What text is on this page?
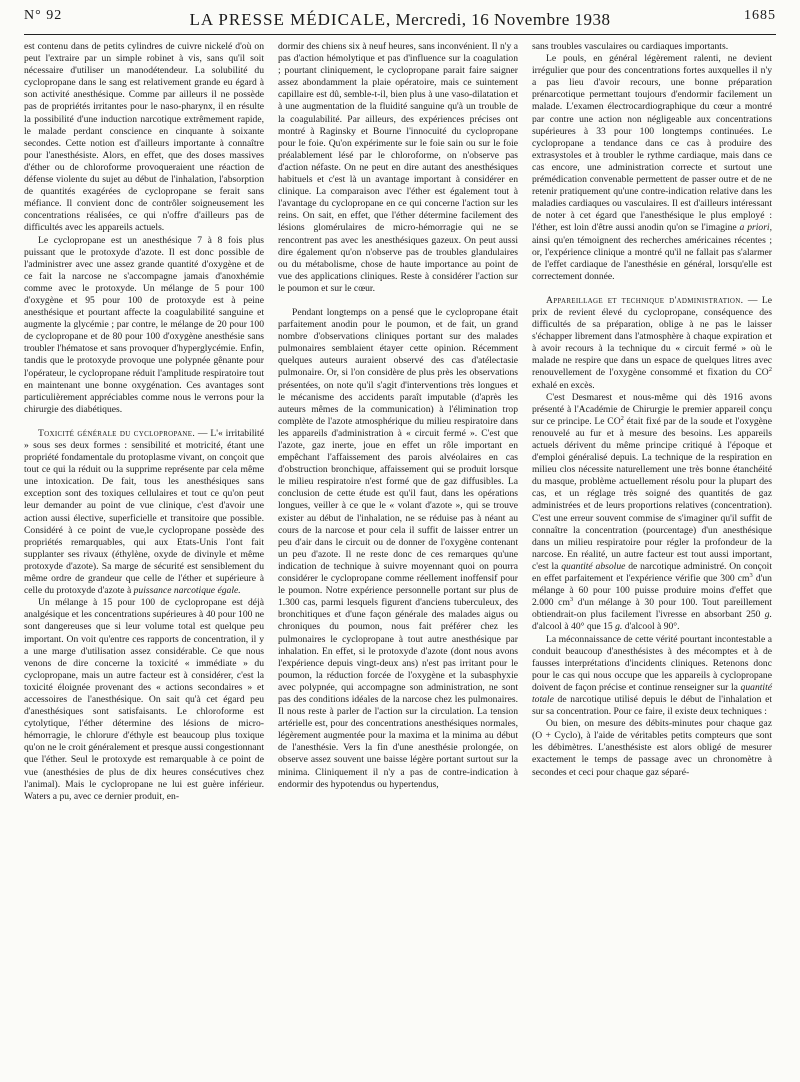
N° 92	LA PRESSE MÉDICALE, Mercredi, 16 Novembre 1938	1685

est contenu dans de petits cylindres de cuivre nickelé d'où on peut l'extraire par un simple robinet à vis, sans qu'il soit nécessaire d'utiliser un manodétendeur. La solubilité du cyclopropane dans le sang est relativement grande eu égard à son activité anesthésique. Comme par ailleurs il ne possède pas de propriétés irritantes pour le naso-pharynx, il en résulte la possibilité d'une induction narcotique extrêmement rapide, le malade perdant conscience en cinquante à soixante secondes. Cette notion est d'ailleurs importante à connaître pour l'anesthésiste. Alors, en effet, que des doses massives d'éther ou de chloroforme provoqueraient une réaction de défense violente du sujet au début de l'inhalation, l'absorption de quantités exagérées de cyclopropane se ferait sans méfiance. Il convient donc de contrôler soigneusement les concentrations réalisées, ce qui n'offre d'ailleurs pas de difficultés avec les appareils actuels.

Le cyclopropane est un anesthésique 7 à 8 fois plus puissant que le protoxyde d'azote. Il est donc possible de l'administrer avec une assez grande quantité d'oxygène et de ce fait la narcose ne s'accompagne jamais d'anoxhémie comme avec le protoxyde. Un mélange de 5 pour 100 d'oxygène et 95 pour 100 de protoxyde est à peine anesthésique et pourtant affecte la coagulabilité sanguine et augmente la glycémie ; par contre, le mélange de 20 pour 100 de cyclopropane et de 80 pour 100 d'oxygène anesthésie sans troubler l'hématose et sans provoquer d'hyperglycémie. Enfin, tandis que le protoxyde provoque une polypnée gênante pour l'opérateur, le cyclopropane réduit l'amplitude respiratoire tout en maintenant une bonne oxygénation. Ces avantages sont particulièrement appréciables comme nous le verrons pour la chirurgie des diabétiques.

Toxicité générale du cyclopropane. — L'« irritabilité » sous ses deux formes : sensibilité et motricité, étant une propriété fondamentale du protoplasme vivant, on conçoit que tout ce qui la réduit ou la supprime représente par cela même une intoxication. De fait, tous les anesthésiques sans exception sont des toxiques cellulaires et tout ce qu'on peut leur demander au point de vue clinique, c'est d'avoir une action aussi élective, superficielle et transitoire que possible. Considéré à ce point de vue,le cyclopropane possède des propriétés remarquables, qui aux Etats-Unis l'ont fait supplanter ses rivaux (éthylène, oxyde de divinyle et même protoxyde d'azote). Sa marge de sécurité est sensiblement du même ordre de grandeur que celle de l'éther et supérieure à celle du protoxyde d'azote à puissance narcotique égale.

Un mélange à 15 pour 100 de cyclopropane est déjà analgésique et les concentrations supérieures à 40 pour 100 ne sont dangereuses que si leur volume total est quelque peu important. On voit qu'entre ces rapports de concentration, il y a une marge d'utilisation assez considérable. Ce que nous venons de dire concerne la toxicité « immédiate » du cyclopropane, mais un autre facteur est à considérer, c'est la toxicité éloignée provenant des « actions secondaires » et accessoires de l'anesthésique. On sait qu'à cet égard peu d'anesthésiques sont satisfaisants. Le chloroforme est cytolytique, l'éther détermine des lésions de micro-hémorragie, le chlorure d'éthyle est beaucoup plus toxique qu'on ne le croit généralement et presque aussi congestionnant que l'éther. Seul le protoxyde est remarquable à ce point de vue (anesthésies de plus de dix heures consécutives chez l'animal). Mais le cyclopropane ne lui est guère inférieur. Waters a pu, avec ce dernier produit, en-

dormir des chiens six à neuf heures, sans inconvénient. Il n'y a pas d'action hémolytique et pas d'influence sur la coagulation ; pourtant cliniquement, le cyclopropane parait faire saigner assez abondamment la plaie opératoire, mais ce suintement capillaire est dû, semble-t-il, bien plus à une vaso-dilatation et à une augmentation de la fluidité sanguine qu'à un trouble de la coagulabilité. Par ailleurs, des expériences précises ont montré à Raginsky et Bourne l'innocuité du cyclopropane pour le foie. Qu'on expérimente sur le foie sain ou sur le foie préalablement lésé par le chloroforme, on n'observe pas d'action néfaste. On ne peut en dire autant des anesthésiques habituels et c'est là un avantage important à considérer en clinique. La comparaison avec l'éther est également tout à l'avantage du cyclopropane en ce qui concerne l'action sur les reins. On sait, en effet, que l'éther détermine facilement des lésions glomérulaires de micro-hémorragie qui ne se rencontrent pas avec les anesthésiques gazeux. On peut aussi dire également qu'on n'observe pas de troubles glandulaires ou du métabolisme, chose de haute importance au point de vue des applications cliniques. Reste à considérer l'action sur le poumon et sur le cœur.

Pendant longtemps on a pensé que le cyclopropane était parfaitement anodin pour le poumon, et de fait, un grand nombre d'observations cliniques portant sur des malades pulmonaires semblaient étayer cette opinion. Récemment quelques auteurs auraient observé des cas d'atélectasie pulmonaire. Or, si l'on considère de plus près les observations présentées, on note qu'il s'agit d'interventions très longues et le mécanisme des accidents paraît imputable (d'après les auteurs mêmes de la communication) à l'élimination trop complète de l'azote atmosphérique du milieu respiratoire dans les appareils d'administration à « circuit fermé ». C'est que l'azote, gaz inerte, joue en effet un rôle important en empêchant l'affaissement des parois alvéolaires en cas d'obstruction bronchique, affaissement qui se produit lorsque le milieu respiratoire n'est formé que de gaz diffusibles. La conclusion de cette étude est qu'il faut, dans les opérations longues, veiller à ce que le « volant d'azote », qui se trouve exister au début de l'inhalation, ne se réduise pas à néant au cours de la narcose et pour cela il suffit de laisser entrer un peu d'air dans le circuit ou de donner de l'oxygène contenant un peu d'azote. Il ne reste donc de ces remarques qu'une indication de technique à suivre moyennant quoi on pourra considérer le cyclopropane comme réellement inoffensif pour le poumon. Notre expérience personnelle portant sur plus de 1.300 cas, parmi lesquels figurent d'anciens tuberculeux, des bronchitiques et d'une façon générale des malades aigus ou chroniques du poumon, nous fait préférer chez les pulmonaires le cyclopropane à tout autre anesthésique par inhalation. En effet, si le protoxyde d'azote (dont nous avons l'expérience depuis vingt-deux ans) n'est pas irritant pour le poumon, la réduction forcée de l'oxygène et la subasphyxie avec polypnée, qui accompagne son administration, ne sont pas des conditions idéales de la narcose chez les pulmonaires. Il nous reste à parler de l'action sur la circulation. La tension artérielle est, pour des concentrations anesthésiques normales, légèrement augmentée pour la maxima et la minima au début de l'anesthésie. Vers la fin d'une anesthésie prolongée, on observe assez souvent une baisse légère portant surtout sur la minima. Cliniquement il n'y a pas de contre-indication à endormir des hypotendus ou hypertendus,

sans troubles vasculaires ou cardiaques importants.

Le pouls, en général légèrement ralenti, ne devient irrégulier que pour des concentrations fortes auxquelles il n'y a pas lieu d'avoir recours, une bonne préparation prénarcotique permettant toujours d'endormir facilement un malade. L'examen électrocardiographique du cœur a montré par contre une action non négligeable aux concentrations supérieures à 33 pour 100 longtemps continuées. Le cyclopropane a tendance dans ce cas à produire des extrasystoles et à troubler le rythme cardiaque, mais dans ce cas encore, une administration correcte et surtout une prémédication convenable permettent de passer outre et de ne retenir pratiquement qu'une contre-indication relative dans les maladies cardiaques ou vasculaires. Il est d'ailleurs intéressant de noter à cet égard que l'anesthésique le plus employé : l'éther, est loin d'être aussi anodin qu'on se l'imagine a priori, ainsi qu'en témoignent des recherches américaines récentes ; or, l'expérience clinique a montré qu'il ne fallait pas s'alarmer de l'effet cardiaque de l'anesthésie en général, lorsqu'elle est correctement donnée.

Appareillage et technique d'administration. — Le prix de revient élevé du cyclopropane, conséquence des difficultés de sa préparation, oblige à ne pas le laisser s'échapper librement dans l'atmosphère à chaque expiration et à avoir recours à la technique du « circuit fermé » où le malade ne respire que dans un espace de quelques litres avec renouvellement de l'oxygène consommé et fixation du $CO^2$ exhalé en excès.

C'est Desmarest et nous-même qui dès 1916 avons présenté à l'Académie de Chirurgie le premier appareil conçu sur ce principe. Le $CO^2$ était fixé par de la soude et l'oxygène renouvelé au fur et à mesure des besoins. Les appareils actuels dérivent du même principe critiqué à l'époque et d'emploi généralisé depuis. La technique de la respiration en milieu clos nécessite naturellement une très bonne étanchéité du masque, problème actuellement résolu pour la plupart des cas, et un réglage très soigné des quantités de gaz administrées et de leurs proportions relatives (concentration). C'est une erreur souvent commise de s'imaginer qu'il suffit de connaître la concentration (pourcentage) d'un anesthésique dans un milieu respiratoire pour régler la profondeur de la narcose. En réalité, un autre facteur est tout aussi important, c'est la quantité absolue de narcotique administré. On conçoit en effet parfaitement et l'expérience vérifie que 300 $cm^3$ d'un mélange à 60 pour 100 puisse produire moins d'effet que 2.000 $cm^3$ d'un mélange à 30 pour 100. Tout pareillement obtiendrait-on plus facilement l'ivresse en absorbant 250 g. d'alcool à 40° que 15 g. d'alcool à 90°.

La méconnaissance de cette vérité pourtant incontestable a conduit beaucoup d'anesthésistes à des mécomptes et à de fausses interprétations d'incidents cliniques. Retenons donc pour le cas qui nous occupe que les appareils à cyclopropane doivent de façon précise et continue renseigner sur la quantité totale de narcotique utilisé depuis le début de l'inhalation et sur sa concentration. Pour ce faire, il existe deux techniques :

Ou bien, on mesure des débits-minutes pour chaque gaz (O + Cyclo), à l'aide de véritables petits compteurs que sont les débimètres. L'anesthésiste est alors obligé de mesurer exactement le temps de passage avec un chronomètre à secondes et ceci pour chaque gaz séparé-
